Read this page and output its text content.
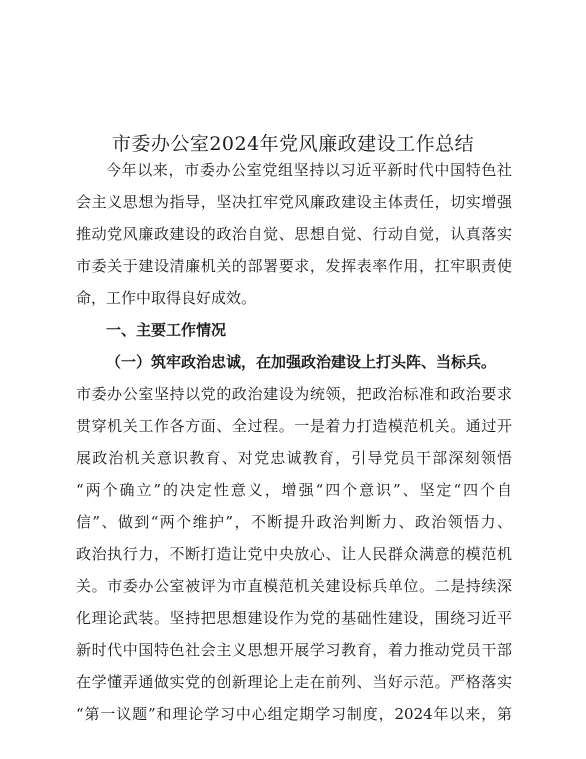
市委办公室2024年党风廉政建设工作总结
今年以来，市委办公室党组坚持以习近平新时代中国特色社
会主义思想为指导，坚决扛牢党风廉政建设主体责任，切实增强
推动党风廉政建设的政治自觉、思想自觉、行动自觉，认真落实
市委关于建设清廉机关的部署要求，发挥表率作用，扛牢职责使
命，工作中取得良好成效。
一、主要工作情况
（一）筑牢政治忠诚，在加强政治建设上打头阵、当标兵。
市委办公室坚持以党的政治建设为统领，把政治标准和政治要求
贯穿机关工作各方面、全过程。一是着力打造模范机关。通过开
展政治机关意识教育、对党忠诚教育，引导党员干部深刻领悟
“两个确立”的决定性意义，增强“四个意识”、坚定“四个自
信”、做到“两个维护”，不断提升政治判断力、政治领悟力、
政治执行力，不断打造让党中央放心、让人民群众满意的模范机
关。市委办公室被评为市直模范机关建设标兵单位。二是持续深
化理论武装。坚持把思想建设作为党的基础性建设，围绕习近平
新时代中国特色社会主义思想开展学习教育，着力推动党员干部
在学懂弄通做实党的创新理论上走在前列、当好示范。严格落实
“第一议题”和理论学习中心组定期学习制度，2024年以来，第
